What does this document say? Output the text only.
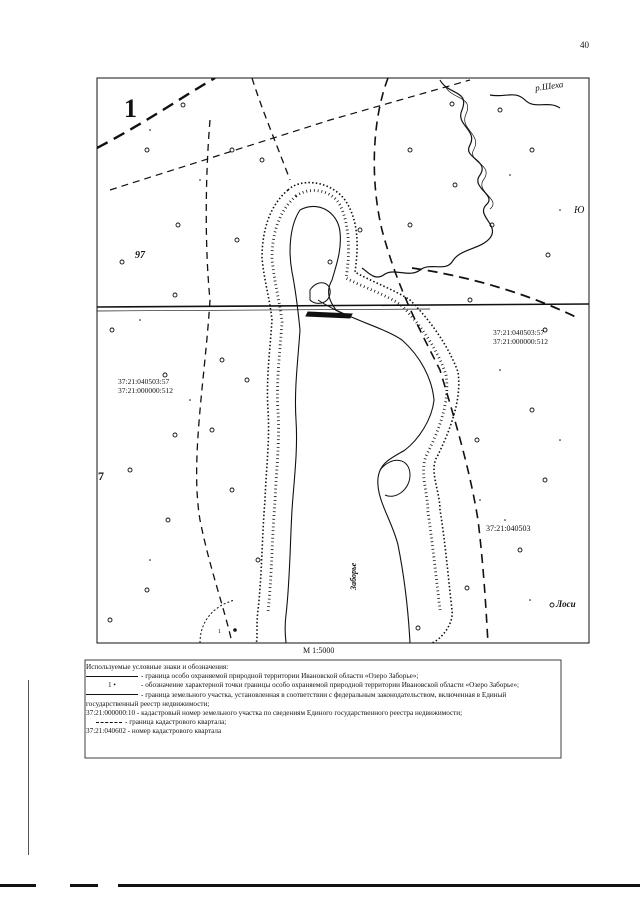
40
1
97
7
р.Шеха
Ю
Заборье
Лоси
1
37:21:040503:57
37:21:000000:512
37:21:040503:57
37:21:000000:512
37:21:040503
М 1:5000
Используемые условные знаки и обозначения:
- граница особо охраняемой природной территории Ивановской области «Озеро Заборье»;
1 •	- обозначение характерной точки границы особо охраняемой природной территории Ивановской области «Озеро Заборье»;
- граница земельного участка, установленная в соответствии с федеральным законодательством, включенная в Единый государственный реестр недвижимости;
37:21:000000:10 - кадастровый номер земельного участка по сведениям Единого государственного реестра недвижимости;
- граница кадастрового квартала;
37:21:040602 - номер кадастрового квартала
